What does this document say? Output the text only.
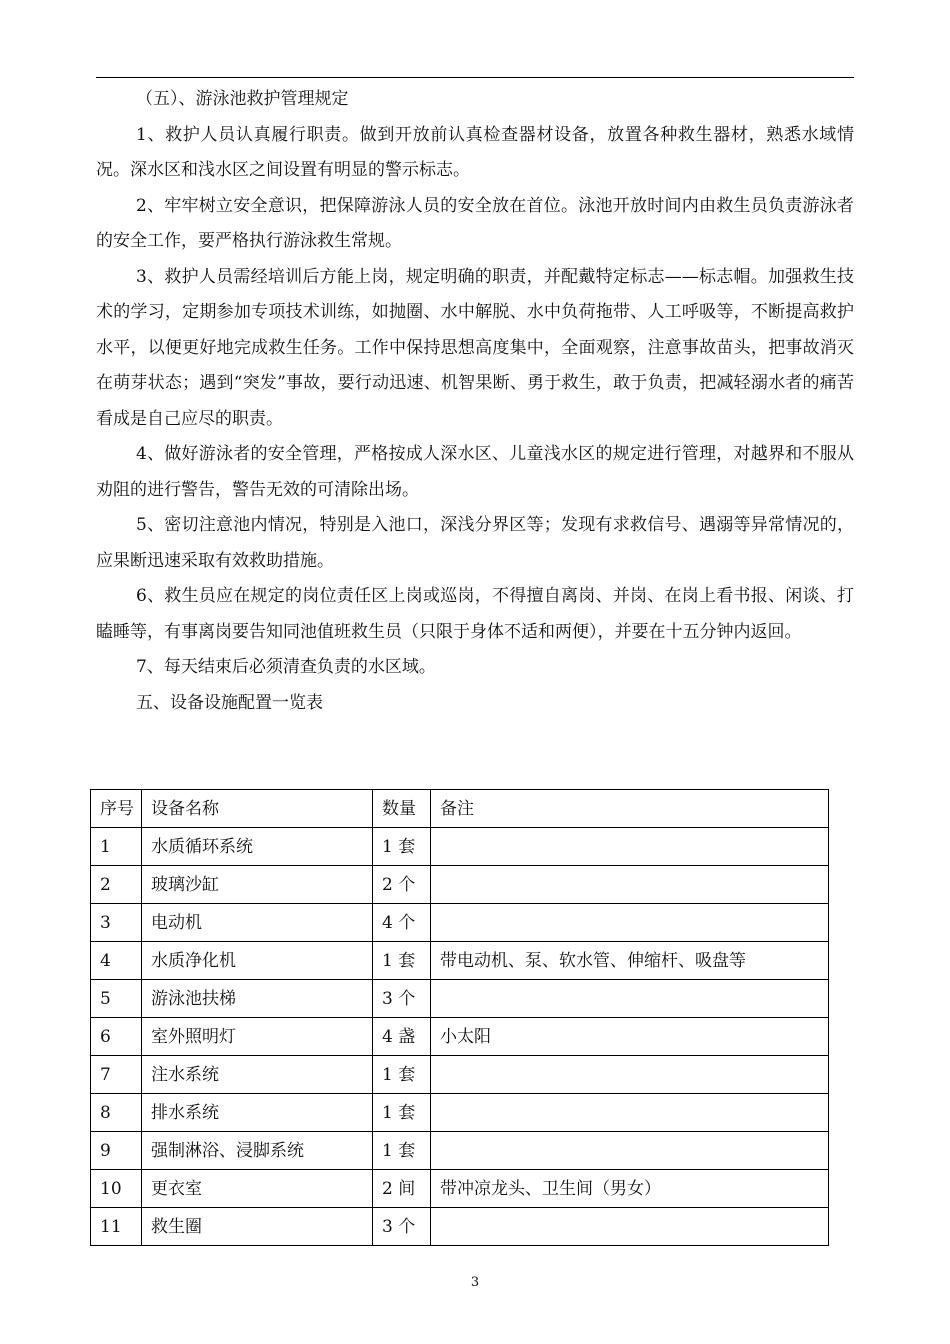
（五）、游泳池救护管理规定

1、救护人员认真履行职责。做到开放前认真检查器材设备，放置各种救生器材，熟悉水域情况。深水区和浅水区之间设置有明显的警示标志。

2、牢牢树立安全意识，把保障游泳人员的安全放在首位。泳池开放时间内由救生员负责游泳者的安全工作，要严格执行游泳救生常规。

3、救护人员需经培训后方能上岗，规定明确的职责，并配戴特定标志——标志帽。加强救生技术的学习，定期参加专项技术训练，如抛圈、水中解脱、水中负荷拖带、人工呼吸等，不断提高救护水平，以便更好地完成救生任务。工作中保持思想高度集中，全面观察，注意事故苗头，把事故消灭在萌芽状态；遇到“突发”事故，要行动迅速、机智果断、勇于救生，敢于负责，把减轻溺水者的痛苦看成是自己应尽的职责。

4、做好游泳者的安全管理，严格按成人深水区、儿童浅水区的规定进行管理，对越界和不服从劝阻的进行警告，警告无效的可清除出场。

5、密切注意池内情况，特别是入池口，深浅分界区等；发现有求救信号、遇溺等异常情况的，应果断迅速采取有效救助措施。

6、救生员应在规定的岗位责任区上岗或巡岗，不得擅自离岗、并岗、在岗上看书报、闲谈、打瞌睡等，有事离岗要告知同池值班救生员（只限于身体不适和两便），并要在十五分钟内返回。

7、每天结束后必须清查负责的水区域。

五、设备设施配置一览表

序号	设备名称	数量	备注
1	水质循环系统	1 套	
2	玻璃沙缸	2 个	
3	电动机	4 个	
4	水质净化机	1 套	带电动机、泵、软水管、伸缩杆、吸盘等
5	游泳池扶梯	3 个	
6	室外照明灯	4 盏	小太阳
7	注水系统	1 套	
8	排水系统	1 套	
9	强制淋浴、浸脚系统	1 套	
10	更衣室	2 间	带冲凉龙头、卫生间（男女）
11	救生圈	3 个	
3
